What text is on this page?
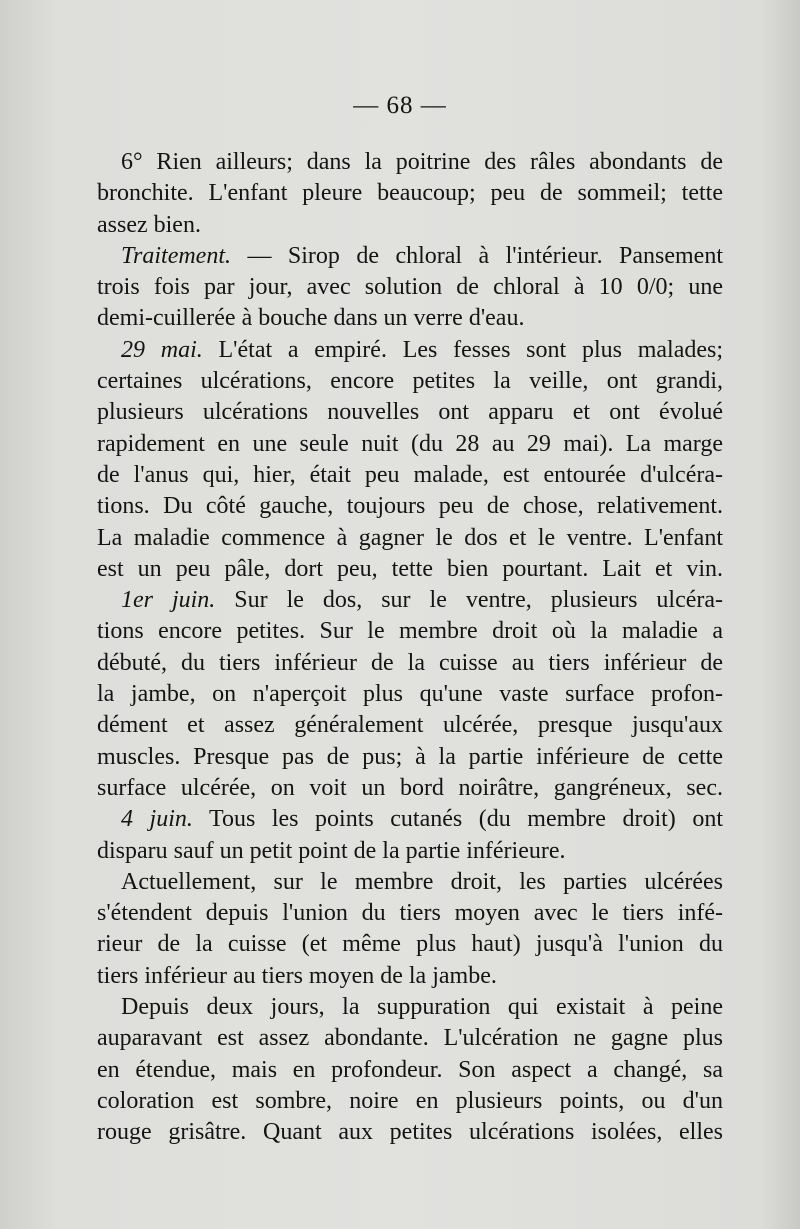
— 68 —
6° Rien ailleurs; dans la poitrine des râles abondants de
bronchite. L'enfant pleure beaucoup; peu de sommeil; tette
assez bien.
Traitement. — Sirop de chloral à l'intérieur. Pansement
trois fois par jour, avec solution de chloral à 10 0/0; une
demi-cuillerée à bouche dans un verre d'eau.
29 mai. L'état a empiré. Les fesses sont plus malades;
certaines ulcérations, encore petites la veille, ont grandi,
plusieurs ulcérations nouvelles ont apparu et ont évolué
rapidement en une seule nuit (du 28 au 29 mai). La marge
de l'anus qui, hier, était peu malade, est entourée d'ulcéra-
tions. Du côté gauche, toujours peu de chose, relativement.
La maladie commence à gagner le dos et le ventre. L'enfant
est un peu pâle, dort peu, tette bien pourtant. Lait et vin.
1er juin. Sur le dos, sur le ventre, plusieurs ulcéra-
tions encore petites. Sur le membre droit où la maladie a
débuté, du tiers inférieur de la cuisse au tiers inférieur de
la jambe, on n'aperçoit plus qu'une vaste surface profon-
dément et assez généralement ulcérée, presque jusqu'aux
muscles. Presque pas de pus; à la partie inférieure de cette
surface ulcérée, on voit un bord noirâtre, gangréneux, sec.
4 juin. Tous les points cutanés (du membre droit) ont
disparu sauf un petit point de la partie inférieure.
Actuellement, sur le membre droit, les parties ulcérées
s'étendent depuis l'union du tiers moyen avec le tiers infé-
rieur de la cuisse (et même plus haut) jusqu'à l'union du
tiers inférieur au tiers moyen de la jambe.
Depuis deux jours, la suppuration qui existait à peine
auparavant est assez abondante. L'ulcération ne gagne plus
en étendue, mais en profondeur. Son aspect a changé, sa
coloration est sombre, noire en plusieurs points, ou d'un
rouge grisâtre. Quant aux petites ulcérations isolées, elles
